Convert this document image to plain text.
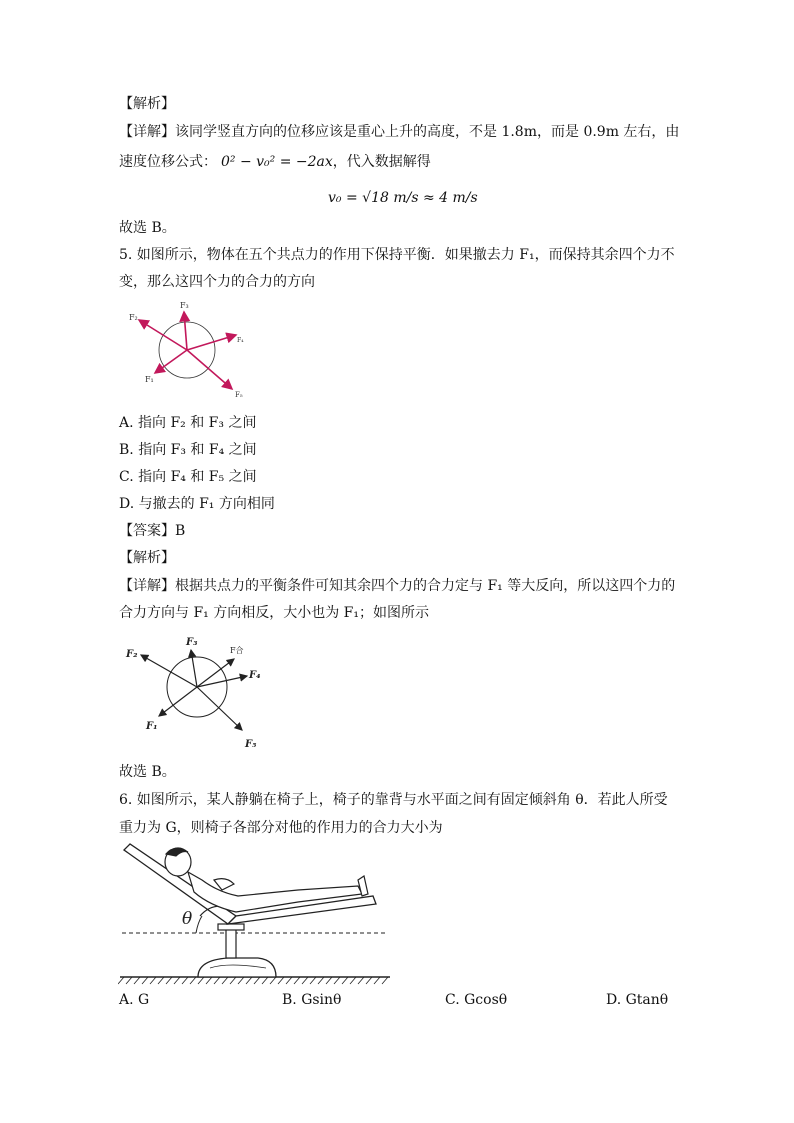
【解析】
【详解】该同学竖直方向的位移应该是重心上升的高度，不是 1.8m，而是 0.9m 左右，由
速度位移公式： 0² − v₀² = −2ax，代入数据解得
v₀ = √18 m/s ≈ 4 m/s
故选 B。
5. 如图所示，物体在五个共点力的作用下保持平衡．如果撤去力 F₁，而保持其余四个力不
变，那么这四个力的合力的方向
F₁
F₂
F₃
F₄
F₅
A. 指向 F₂ 和 F₃ 之间
B. 指向 F₃ 和 F₄ 之间
C. 指向 F₄ 和 F₅ 之间
D. 与撤去的 F₁ 方向相同
【答案】B
【解析】
【详解】根据共点力的平衡条件可知其余四个力的合力定与 F₁ 等大反向，所以这四个力的
合力方向与 F₁ 方向相反，大小也为 F₁；如图所示
F₁
F₂
F₃
F合
F₄
F₅
故选 B。
6. 如图所示，某人静躺在椅子上，椅子的靠背与水平面之间有固定倾斜角 θ．若此人所受
重力为 G，则椅子各部分对他的作用力的合力大小为
θ
A. G	B. Gsinθ	C. Gcosθ	D. Gtanθ
